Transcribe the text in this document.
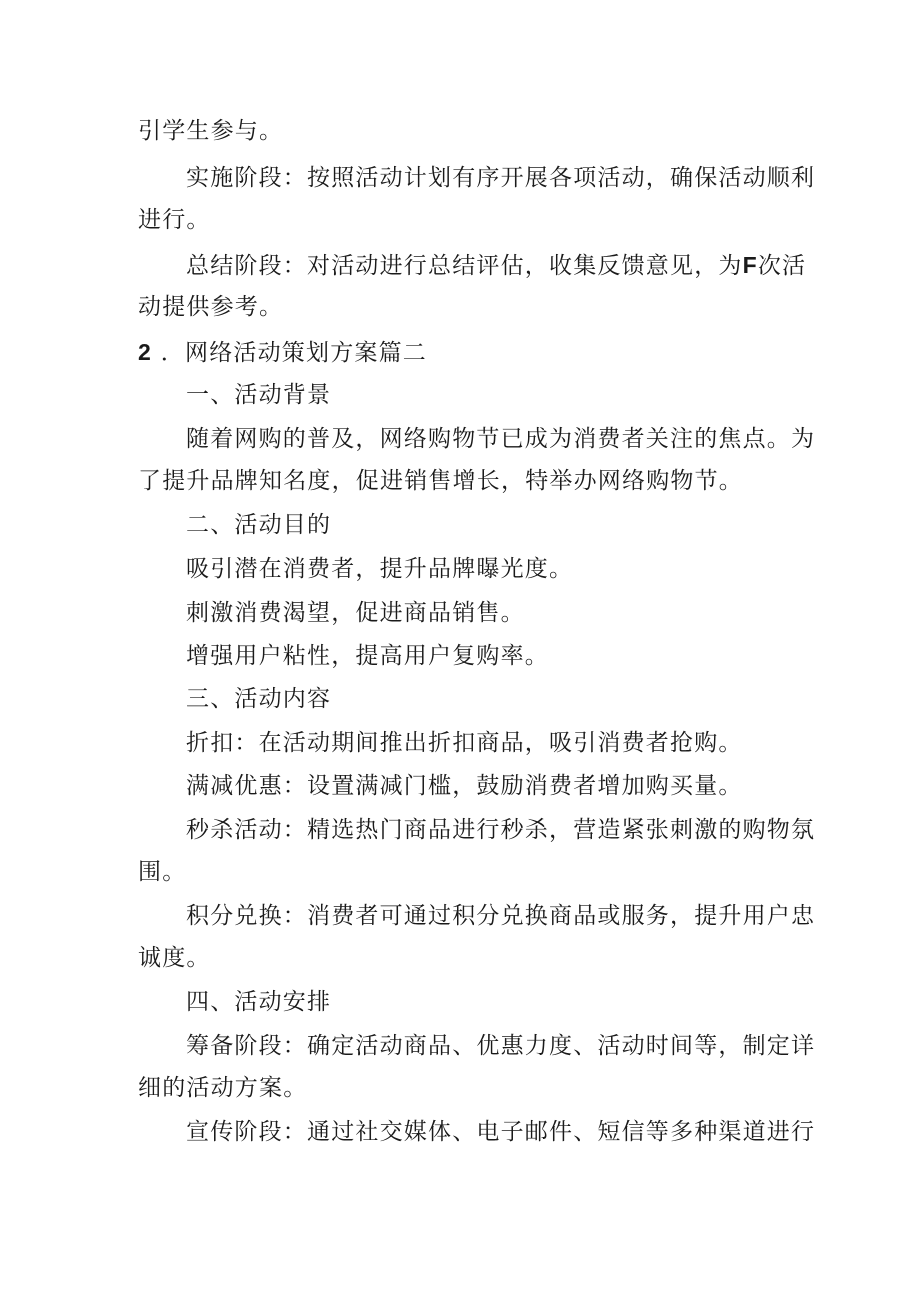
引学生参与。
实施阶段：按照活动计划有序开展各项活动，确保活动顺利
进行。
总结阶段：对活动进行总结评估，收集反馈意见，为F次活
动提供参考。
2 ．网络活动策划方案篇二
一、活动背景
随着网购的普及，网络购物节已成为消费者关注的焦点。为
了提升品牌知名度，促进销售增长，特举办网络购物节。
二、活动目的
吸引潜在消费者，提升品牌曝光度。
刺激消费渴望，促进商品销售。
增强用户粘性，提高用户复购率。
三、活动内容
折扣：在活动期间推出折扣商品，吸引消费者抢购。
满减优惠：设置满减门槛，鼓励消费者增加购买量。
秒杀活动：精选热门商品进行秒杀，营造紧张刺激的购物氛
围。
积分兑换：消费者可通过积分兑换商品或服务，提升用户忠
诚度。
四、活动安排
筹备阶段：确定活动商品、优惠力度、活动时间等，制定详
细的活动方案。
宣传阶段：通过社交媒体、电子邮件、短信等多种渠道进行
